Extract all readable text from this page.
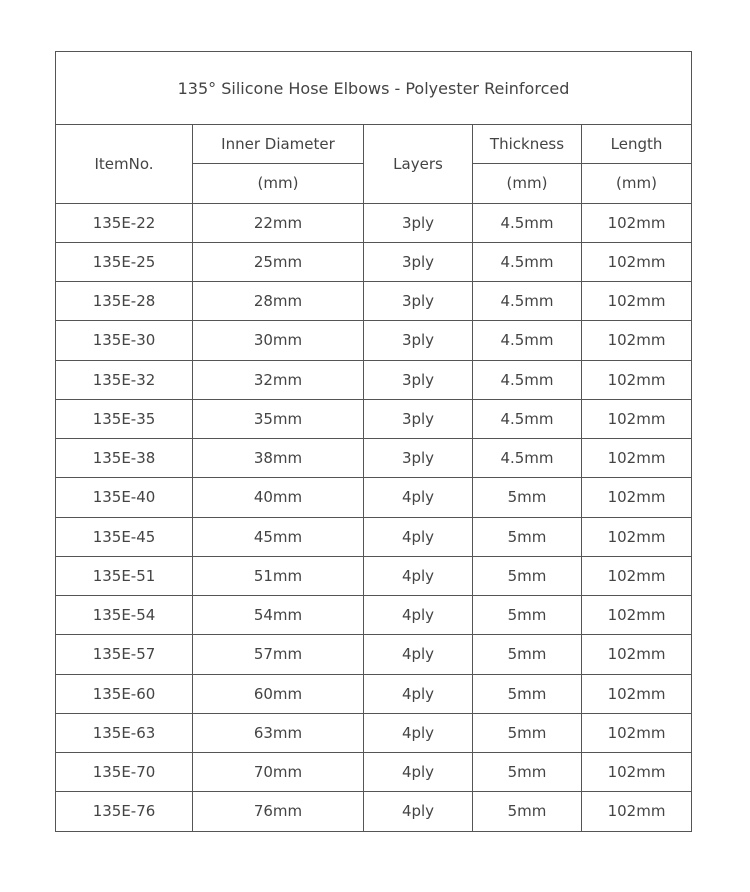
135° Silicone Hose Elbows - Polyester Reinforced				
ItemNo.	Inner Diameter	Layers	Thickness	Length
	(mm)		(mm)	(mm)
135E-22	22mm	3ply	4.5mm	102mm
135E-25	25mm	3ply	4.5mm	102mm
135E-28	28mm	3ply	4.5mm	102mm
135E-30	30mm	3ply	4.5mm	102mm
135E-32	32mm	3ply	4.5mm	102mm
135E-35	35mm	3ply	4.5mm	102mm
135E-38	38mm	3ply	4.5mm	102mm
135E-40	40mm	4ply	5mm	102mm
135E-45	45mm	4ply	5mm	102mm
135E-51	51mm	4ply	5mm	102mm
135E-54	54mm	4ply	5mm	102mm
135E-57	57mm	4ply	5mm	102mm
135E-60	60mm	4ply	5mm	102mm
135E-63	63mm	4ply	5mm	102mm
135E-70	70mm	4ply	5mm	102mm
135E-76	76mm	4ply	5mm	102mm
